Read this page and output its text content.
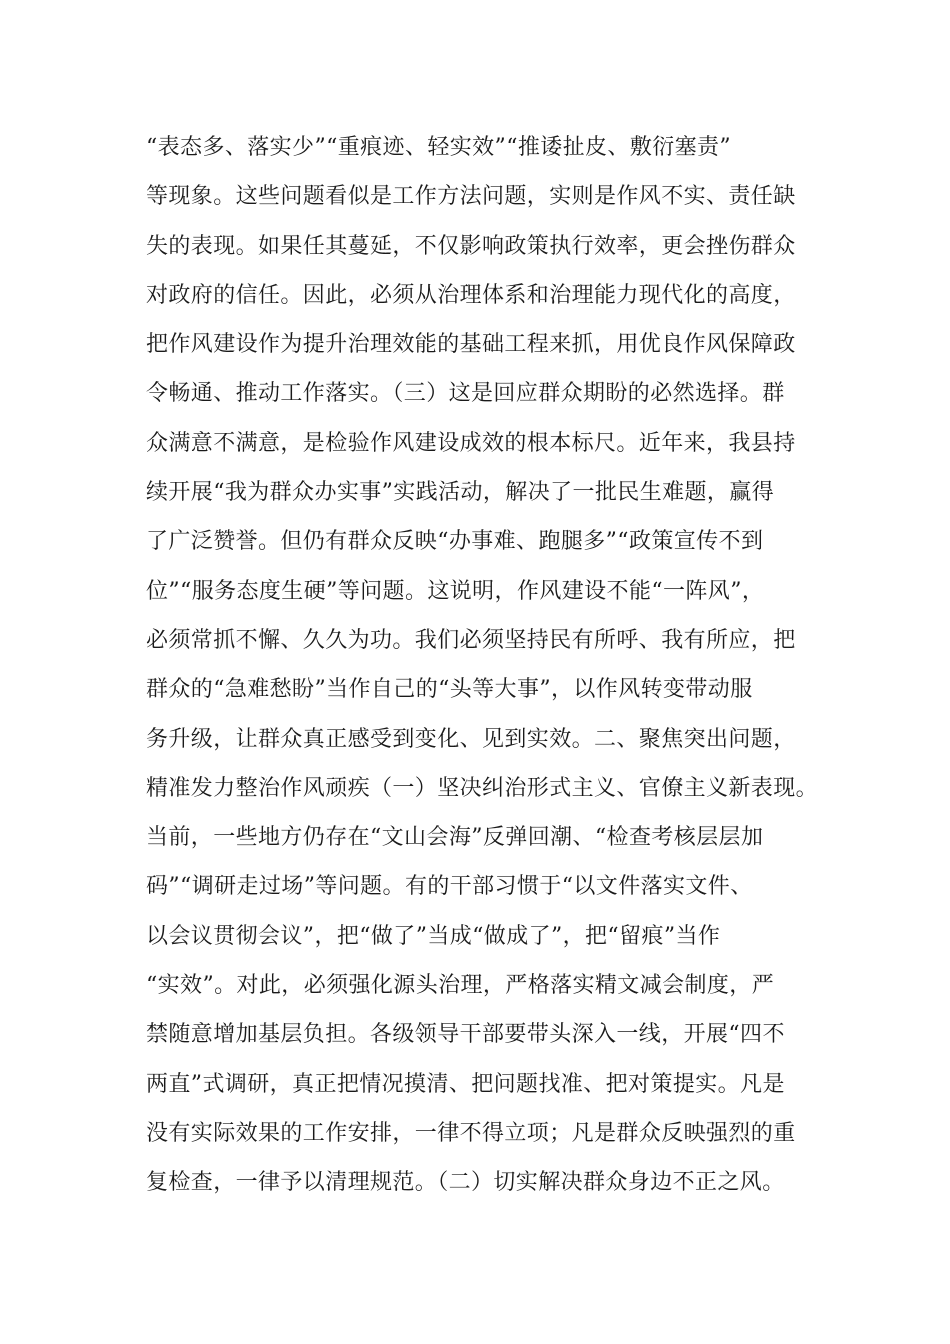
“表态多、落实少”“重痕迹、轻实效”“推诿扯皮、敷衍塞责”
等现象。这些问题看似是工作方法问题，实则是作风不实、责任缺
失的表现。如果任其蔓延，不仅影响政策执行效率，更会挫伤群众
对政府的信任。因此，必须从治理体系和治理能力现代化的高度，
把作风建设作为提升治理效能的基础工程来抓，用优良作风保障政
令畅通、推动工作落实。（三）这是回应群众期盼的必然选择。群
众满意不满意，是检验作风建设成效的根本标尺。近年来，我县持
续开展“我为群众办实事”实践活动，解决了一批民生难题，赢得
了广泛赞誉。但仍有群众反映“办事难、跑腿多”“政策宣传不到
位”“服务态度生硬”等问题。这说明，作风建设不能“一阵风”，
必须常抓不懈、久久为功。我们必须坚持民有所呼、我有所应，把
群众的“急难愁盼”当作自己的“头等大事”，以作风转变带动服
务升级，让群众真正感受到变化、见到实效。二、聚焦突出问题，
精准发力整治作风顽疾（一）坚决纠治形式主义、官僚主义新表现。
当前，一些地方仍存在“文山会海”反弹回潮、“检查考核层层加
码”“调研走过场”等问题。有的干部习惯于“以文件落实文件、
以会议贯彻会议”，把“做了”当成“做成了”，把“留痕”当作
“实效”。对此，必须强化源头治理，严格落实精文减会制度，严
禁随意增加基层负担。各级领导干部要带头深入一线，开展“四不
两直”式调研，真正把情况摸清、把问题找准、把对策提实。凡是
没有实际效果的工作安排，一律不得立项；凡是群众反映强烈的重
复检查，一律予以清理规范。（二）切实解决群众身边不正之风。
